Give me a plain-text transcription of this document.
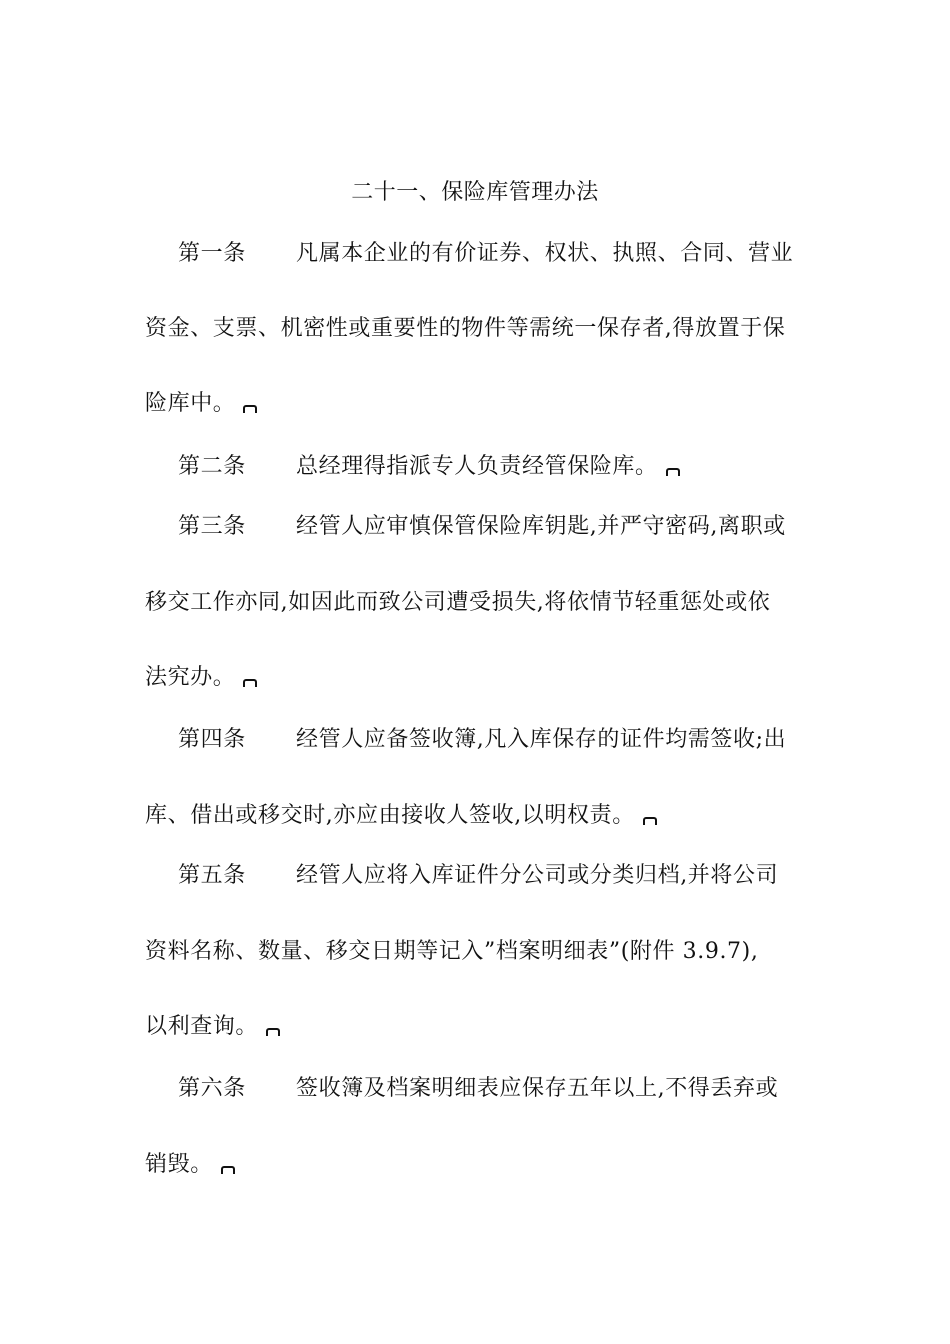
二十一、保险库管理办法
第一条 凡属本企业的有价证券、权状、执照、合同、营业
资金、支票、机密性或重要性的物件等需统一保存者,得放置于保
险库中。
第二条 总经理得指派专人负责经管保险库。
第三条 经管人应审慎保管保险库钥匙,并严守密码,离职或
移交工作亦同,如因此而致公司遭受损失,将依情节轻重惩处或依
法究办。
第四条 经管人应备签收簿,凡入库保存的证件均需签收;出
库、借出或移交时,亦应由接收人签收,以明权责。
第五条 经管人应将入库证件分公司或分类归档,并将公司
资料名称、数量、移交日期等记入”档案明细表”(附件 3.9.7),
以利查询。
第六条 签收簿及档案明细表应保存五年以上,不得丢弃或
销毁。
